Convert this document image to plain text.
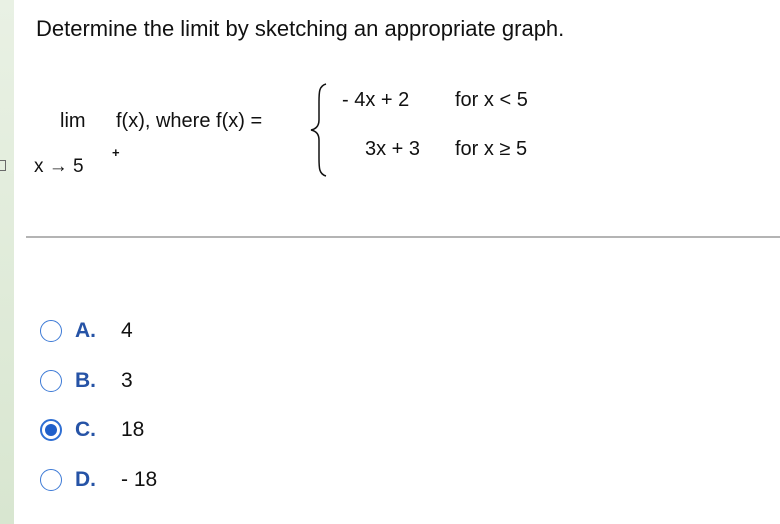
Determine the limit by sketching an appropriate graph.
lim f(x), where f(x) =
x → 5
+
- 4x + 2 for x < 5
3x + 3 for x ≥ 5
A.	4
B.	3
C.	18
D.	- 18
